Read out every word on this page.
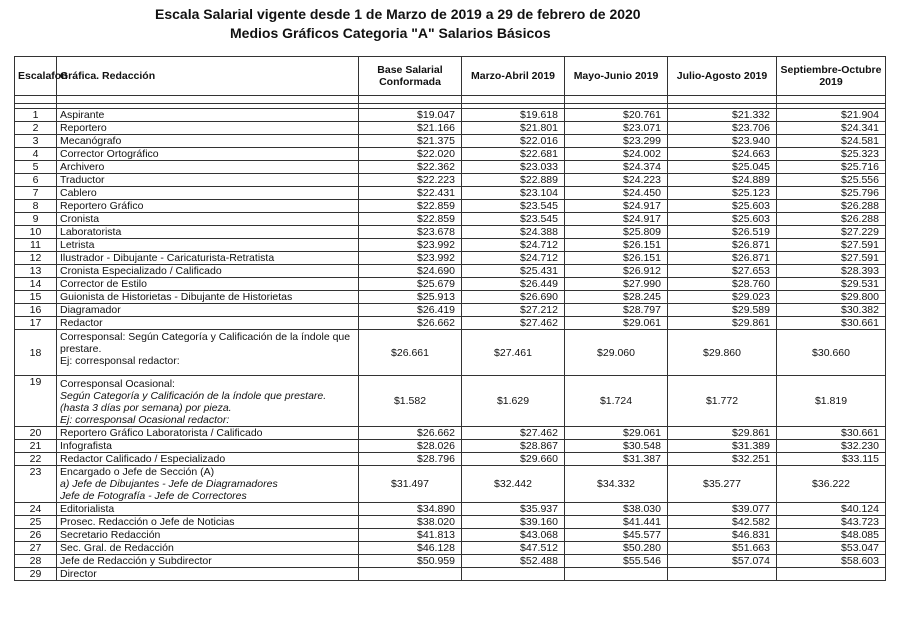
Escala Salarial vigente desde 1 de Marzo de 2019 a 29 de febrero de 2020
Medios Gráficos Categoria "A" Salarios Básicos
Escalafon	Gráfica. Redacción	Base Salarial Conformada	Marzo-Abril 2019	Mayo-Junio 2019	Julio-Agosto 2019	Septiembre-Octubre 2019

1	Aspirante	$19.047	$19.618	$20.761	$21.332	$21.904
2	Reportero	$21.166	$21.801	$23.071	$23.706	$24.341
3	Mecanógrafo	$21.375	$22.016	$23.299	$23.940	$24.581
4	Corrector Ortográfico	$22.020	$22.681	$24.002	$24.663	$25.323
5	Archivero	$22.362	$23.033	$24.374	$25.045	$25.716
6	Traductor	$22.223	$22.889	$24.223	$24.889	$25.556
7	Cablero	$22.431	$23.104	$24.450	$25.123	$25.796
8	Reportero Gráfico	$22.859	$23.545	$24.917	$25.603	$26.288
9	Cronista	$22.859	$23.545	$24.917	$25.603	$26.288
10	Laboratorista	$23.678	$24.388	$25.809	$26.519	$27.229
11	Letrista	$23.992	$24.712	$26.151	$26.871	$27.591
12	Ilustrador - Dibujante - Caricaturista-Retratista	$23.992	$24.712	$26.151	$26.871	$27.591
13	Cronista Especializado / Calificado	$24.690	$25.431	$26.912	$27.653	$28.393
14	Corrector de Estilo	$25.679	$26.449	$27.990	$28.760	$29.531
15	Guionista de Historietas - Dibujante de Historietas	$25.913	$26.690	$28.245	$29.023	$29.800
16	Diagramador	$26.419	$27.212	$28.797	$29.589	$30.382
17	Redactor	$26.662	$27.462	$29.061	$29.861	$30.661
18	Corresponsal: Según Categoría y Calificación de la índole que
prestare.
Ej: corresponsal redactor:	$26.661	$27.461	$29.060	$29.860	$30.660
19	Corresponsal Ocasional:
Según Categoría y Calificación de la índole que prestare.
(hasta 3 días por semana) por pieza.
Ej: corresponsal Ocasional redactor:	$1.582	$1.629	$1.724	$1.772	$1.819
20	Reportero Gráfico Laboratorista / Calificado	$26.662	$27.462	$29.061	$29.861	$30.661
21	Infografista	$28.026	$28.867	$30.548	$31.389	$32.230
22	Redactor Calificado / Especializado	$28.796	$29.660	$31.387	$32.251	$33.115
23	Encargado o Jefe de Sección (A)
a) Jefe de Dibujantes - Jefe de Diagramadores
Jefe de Fotografía - Jefe de Correctores	$31.497	$32.442	$34.332	$35.277	$36.222
24	Editorialista	$34.890	$35.937	$38.030	$39.077	$40.124
25	Prosec. Redacción o Jefe de Noticias	$38.020	$39.160	$41.441	$42.582	$43.723
26	Secretario Redacción	$41.813	$43.068	$45.577	$46.831	$48.085
27	Sec. Gral. de Redacción	$46.128	$47.512	$50.280	$51.663	$53.047
28	Jefe de Redacción y Subdirector	$50.959	$52.488	$55.546	$57.074	$58.603
29	Director					
